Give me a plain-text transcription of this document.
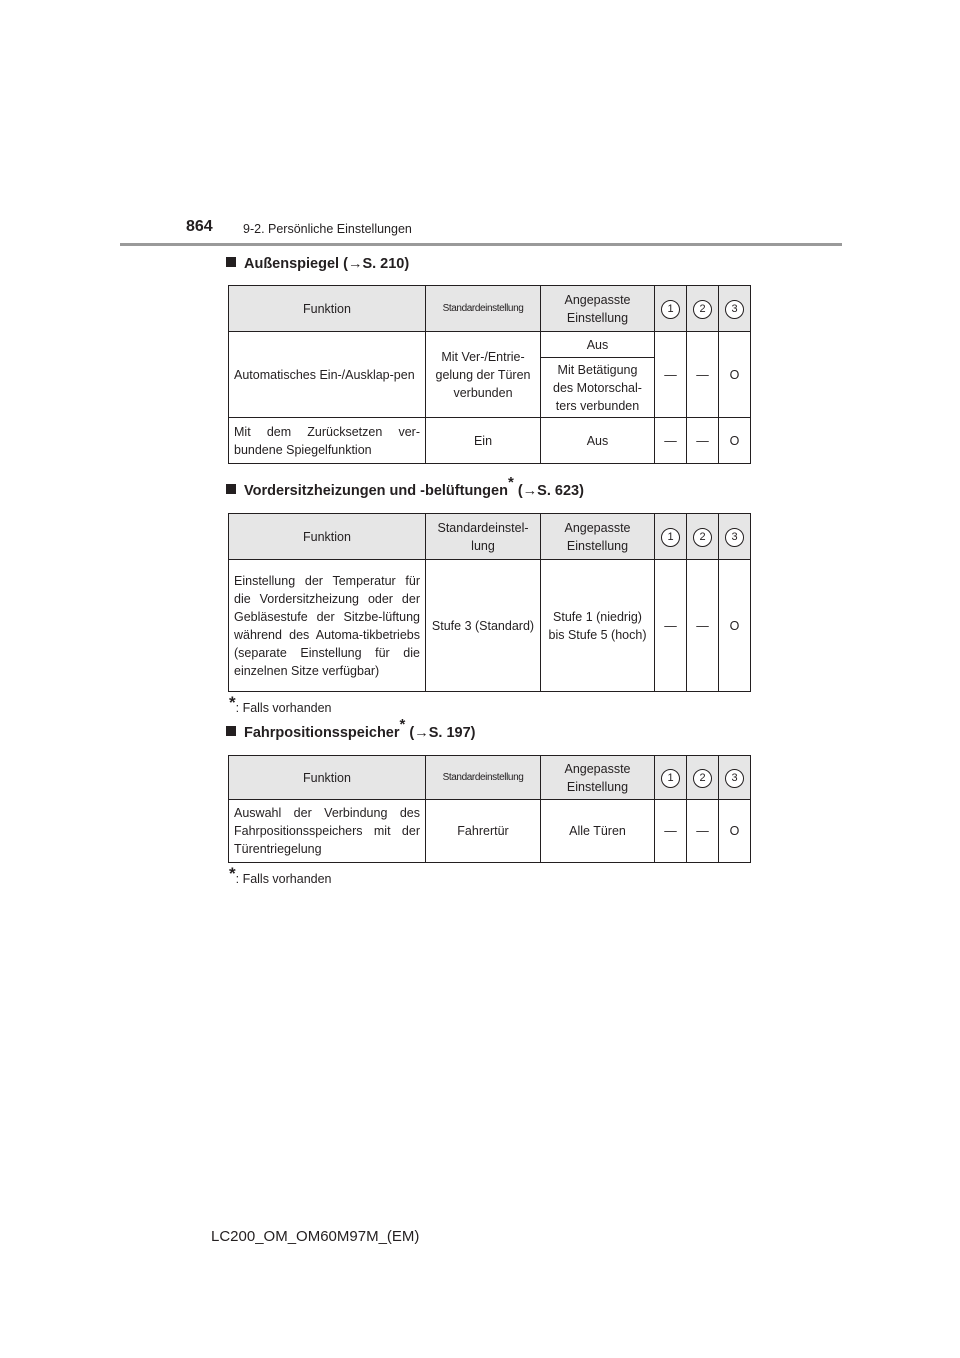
864 9-2. Persönliche Einstellungen
Außenspiegel (→S. 210)
Funktion	Standardeinstellung	Angepasste Einstellung	1	2	3
Automatisches Ein-/Ausklap-pen	Mit Ver-/Entrie-gelung der Türen verbunden	Aus	—	—	O
		Mit Betätigung des Motorschal-ters verbunden			
Mit dem Zurücksetzen ver-bundene Spiegelfunktion	Ein	Aus	—	—	O
Vordersitzheizungen und -belüftungen* (→S. 623)
Funktion	Standardeinstel-lung	Angepasste Einstellung	1	2	3
Einstellung der Temperatur für die Vordersitzheizung oder der Gebläsestufe der Sitzbe-lüftung während des Automa-tikbetriebs (separate Einstellung für die einzelnen Sitze verfügbar)	Stufe 3 (Standard)	Stufe 1 (niedrig) bis Stufe 5 (hoch)	—	—	O
*: Falls vorhanden
Fahrpositionsspeicher* (→S. 197)
Funktion	Standardeinstellung	Angepasste Einstellung	1	2	3
Auswahl der Verbindung des Fahrpositionsspeichers mit der Türentriegelung	Fahrertür	Alle Türen	—	—	O
*: Falls vorhanden
LC200_OM_OM60M97M_(EM)
